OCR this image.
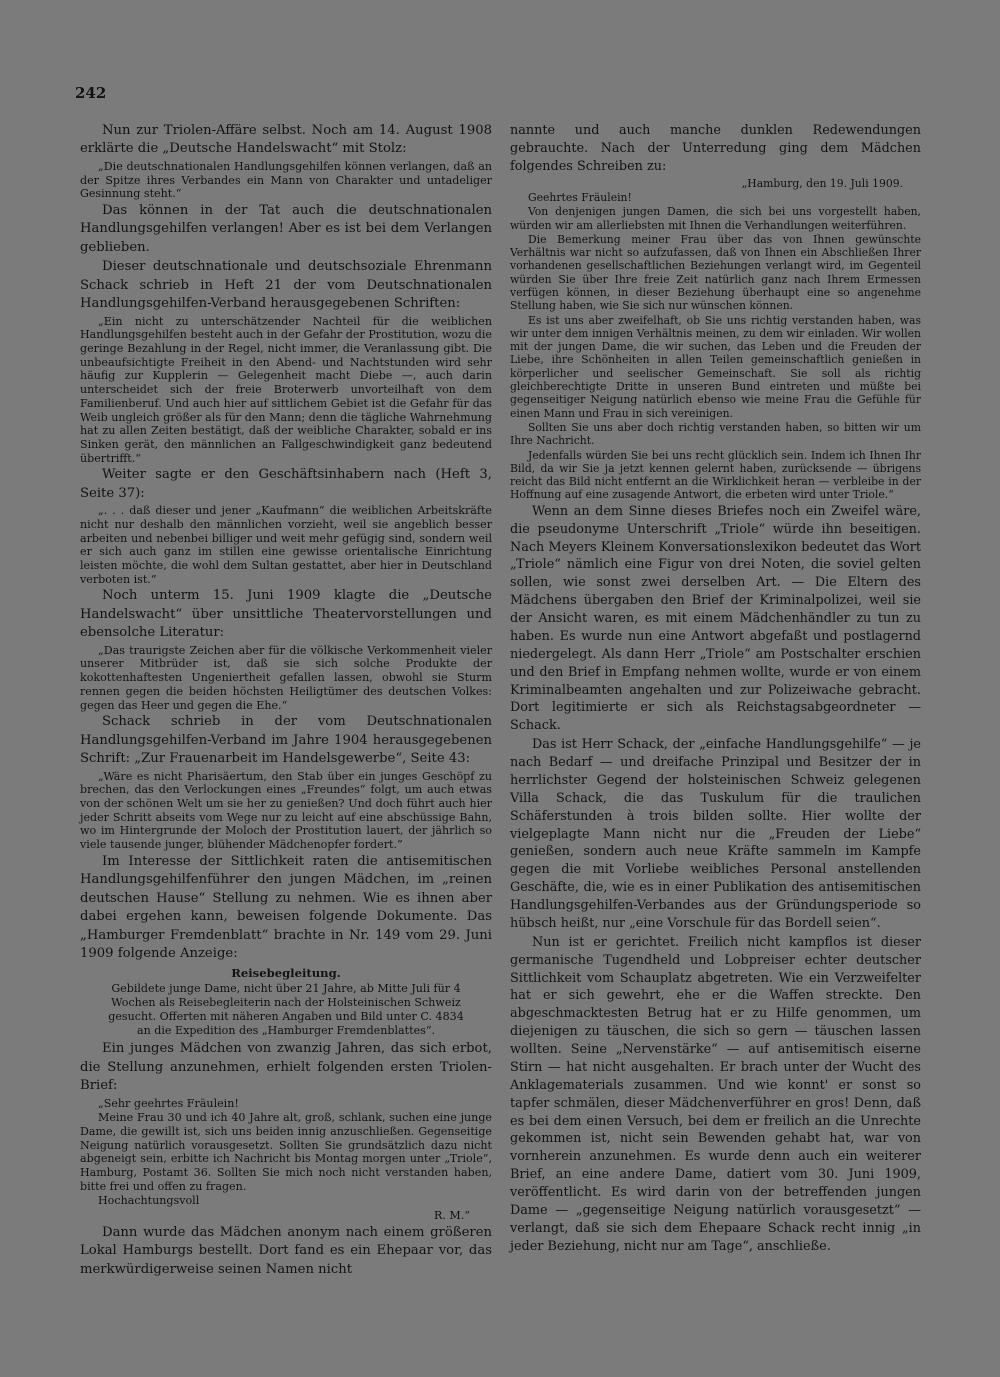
242

Nun zur Triolen-Affäre selbst. Noch am 14. August 1908 erklärte die „Deutsche Handelswacht“ mit Stolz:

„Die deutschnationalen Handlungsgehilfen können verlangen, daß an der Spitze ihres Verbandes ein Mann von Charakter und untadeliger Gesinnung steht.“

Das können in der Tat auch die deutschnationalen Handlungsgehilfen verlangen! Aber es ist bei dem Verlangen geblieben.

Dieser deutschnationale und deutschsoziale Ehrenmann Schack schrieb in Heft 21 der vom Deutschnationalen Handlungsgehilfen-Verband herausgegebenen Schriften:

„Ein nicht zu unterschätzender Nachteil für die weiblichen Handlungsgehilfen besteht auch in der Gefahr der Prostitution, wozu die geringe Bezahlung in der Regel, nicht immer, die Veranlassung gibt. Die unbeaufsichtigte Freiheit in den Abend- und Nachtstunden wird sehr häufig zur Kupplerin — Gelegenheit macht Diebe —, auch darin unterscheidet sich der freie Broterwerb unvorteilhaft von dem Familienberuf. Und auch hier auf sittlichem Gebiet ist die Gefahr für das Weib ungleich größer als für den Mann; denn die tägliche Wahrnehmung hat zu allen Zeiten bestätigt, daß der weibliche Charakter, sobald er ins Sinken gerät, den männlichen an Fallgeschwindigkeit ganz bedeutend übertrifft.“

Weiter sagte er den Geschäftsinhabern nach (Heft 3, Seite 37):

„. . . daß dieser und jener „Kaufmann“ die weiblichen Arbeitskräfte nicht nur deshalb den männlichen vorzieht, weil sie angeblich besser arbeiten und nebenbei billiger und weit mehr gefügig sind, sondern weil er sich auch ganz im stillen eine gewisse orientalische Einrichtung leisten möchte, die wohl dem Sultan gestattet, aber hier in Deutschland verboten ist.“

Noch unterm 15. Juni 1909 klagte die „Deutsche Handelswacht“ über unsittliche Theatervorstellungen und ebensolche Literatur:

„Das traurigste Zeichen aber für die völkische Verkommenheit vieler unserer Mitbrüder ist, daß sie sich solche Produkte der kokottenhaftesten Ungeniertheit gefallen lassen, obwohl sie Sturm rennen gegen die beiden höchsten Heiligtümer des deutschen Volkes: gegen das Heer und gegen die Ehe.“

Schack schrieb in der vom Deutschnationalen Handlungsgehilfen-Verband im Jahre 1904 herausgegebenen Schrift: „Zur Frauenarbeit im Handelsgewerbe“, Seite 43:

„Wäre es nicht Pharisäertum, den Stab über ein junges Geschöpf zu brechen, das den Verlockungen eines „Freundes“ folgt, um auch etwas von der schönen Welt um sie her zu genießen? Und doch führt auch hier jeder Schritt abseits vom Wege nur zu leicht auf eine abschüssige Bahn, wo im Hintergrunde der Moloch der Prostitution lauert, der jährlich so viele tausende junger, blühender Mädchenopfer fordert.“

Im Interesse der Sittlichkeit raten die antisemitischen Handlungsgehilfenführer den jungen Mädchen, im „reinen deutschen Hause“ Stellung zu nehmen. Wie es ihnen aber dabei ergehen kann, beweisen folgende Dokumente. Das „Hamburger Fremdenblatt“ brachte in Nr. 149 vom 29. Juni 1909 folgende Anzeige:

Reisebegleitung.

Gebildete junge Dame, nicht über 21 Jahre, ab Mitte Juli für 4 Wochen als Reisebegleiterin nach der Holsteinischen Schweiz gesucht. Offerten mit näheren Angaben und Bild unter C. 4834 an die Expedition des „Hamburger Fremdenblattes“.

Ein junges Mädchen von zwanzig Jahren, das sich erbot, die Stellung anzunehmen, erhielt folgenden ersten Triolen-Brief:

„Sehr geehrtes Fräulein!

Meine Frau 30 und ich 40 Jahre alt, groß, schlank, suchen eine junge Dame, die gewillt ist, sich uns beiden innig anzuschließen. Gegenseitige Neigung natürlich vorausgesetzt. Sollten Sie grundsätzlich dazu nicht abgeneigt sein, erbitte ich Nachricht bis Montag morgen unter „Triole“, Hamburg, Postamt 36. Sollten Sie mich noch nicht verstanden haben, bitte frei und offen zu fragen.

Hochachtungsvoll

R. M.“

Dann wurde das Mädchen anonym nach einem größeren Lokal Hamburgs bestellt. Dort fand es ein Ehepaar vor, das merkwürdigerweise seinen Namen nicht

nannte und auch manche dunklen Redewendungen gebrauchte. Nach der Unterredung ging dem Mädchen folgendes Schreiben zu:

„Hamburg, den 19. Juli 1909.

Geehrtes Fräulein!

Von denjenigen jungen Damen, die sich bei uns vorgestellt haben, würden wir am allerliebsten mit Ihnen die Verhandlungen weiterführen.

Die Bemerkung meiner Frau über das von Ihnen gewünschte Verhältnis war nicht so aufzufassen, daß von Ihnen ein Abschließen Ihrer vorhandenen gesellschaftlichen Beziehungen verlangt wird, im Gegenteil würden Sie über Ihre freie Zeit natürlich ganz nach Ihrem Ermessen verfügen können, in dieser Beziehung überhaupt eine so angenehme Stellung haben, wie Sie sich nur wünschen können.

Es ist uns aber zweifelhaft, ob Sie uns richtig verstanden haben, was wir unter dem innigen Verhältnis meinen, zu dem wir einladen. Wir wollen mit der jungen Dame, die wir suchen, das Leben und die Freuden der Liebe, ihre Schönheiten in allen Teilen gemeinschaftlich genießen in körperlicher und seelischer Gemeinschaft. Sie soll als richtig gleichberechtigte Dritte in unseren Bund eintreten und müßte bei gegenseitiger Neigung natürlich ebenso wie meine Frau die Gefühle für einen Mann und Frau in sich vereinigen.

Sollten Sie uns aber doch richtig verstanden haben, so bitten wir um Ihre Nachricht.

Jedenfalls würden Sie bei uns recht glücklich sein. Indem ich Ihnen Ihr Bild, da wir Sie ja jetzt kennen gelernt haben, zurücksende — übrigens reicht das Bild nicht entfernt an die Wirklichkeit heran — verbleibe in der Hoffnung auf eine zusagende Antwort, die erbeten wird unter Triole.“

Wenn an dem Sinne dieses Briefes noch ein Zweifel wäre, die pseudonyme Unterschrift „Triole“ würde ihn beseitigen. Nach Meyers Kleinem Konversationslexikon bedeutet das Wort „Triole“ nämlich eine Figur von drei Noten, die soviel gelten sollen, wie sonst zwei derselben Art. — Die Eltern des Mädchens übergaben den Brief der Kriminalpolizei, weil sie der Ansicht waren, es mit einem Mädchenhändler zu tun zu haben. Es wurde nun eine Antwort abgefaßt und postlagernd niedergelegt. Als dann Herr „Triole“ am Postschalter erschien und den Brief in Empfang nehmen wollte, wurde er von einem Kriminalbeamten angehalten und zur Polizeiwache gebracht. Dort legitimierte er sich als Reichstagsabgeordneter — Schack.

Das ist Herr Schack, der „einfache Handlungsgehilfe“ — je nach Bedarf — und dreifache Prinzipal und Besitzer der in herrlichster Gegend der holsteinischen Schweiz gelegenen Villa Schack, die das Tuskulum für die traulichen Schäferstunden à trois bilden sollte. Hier wollte der vielgeplagte Mann nicht nur die „Freuden der Liebe“ genießen, sondern auch neue Kräfte sammeln im Kampfe gegen die mit Vorliebe weibliches Personal anstellenden Geschäfte, die, wie es in einer Publikation des antisemitischen Handlungsgehilfen-Verbandes aus der Gründungsperiode so hübsch heißt, nur „eine Vorschule für das Bordell seien“.

Nun ist er gerichtet. Freilich nicht kampflos ist dieser germanische Tugendheld und Lobpreiser echter deutscher Sittlichkeit vom Schauplatz abgetreten. Wie ein Verzweifelter hat er sich gewehrt, ehe er die Waffen streckte. Den abgeschmacktesten Betrug hat er zu Hilfe genommen, um diejenigen zu täuschen, die sich so gern — täuschen lassen wollten. Seine „Nervenstärke“ — auf antisemitisch eiserne Stirn — hat nicht ausgehalten. Er brach unter der Wucht des Anklagematerials zusammen. Und wie konnt' er sonst so tapfer schmälen, dieser Mädchenverführer en gros! Denn, daß es bei dem einen Versuch, bei dem er freilich an die Unrechte gekommen ist, nicht sein Bewenden gehabt hat, war von vornherein anzunehmen. Es wurde denn auch ein weiterer Brief, an eine andere Dame, datiert vom 30. Juni 1909, veröffentlicht. Es wird darin von der betreffenden jungen Dame — „gegenseitige Neigung natürlich vorausgesetzt“ — verlangt, daß sie sich dem Ehepaare Schack recht innig „in jeder Beziehung, nicht nur am Tage“, anschließe.
